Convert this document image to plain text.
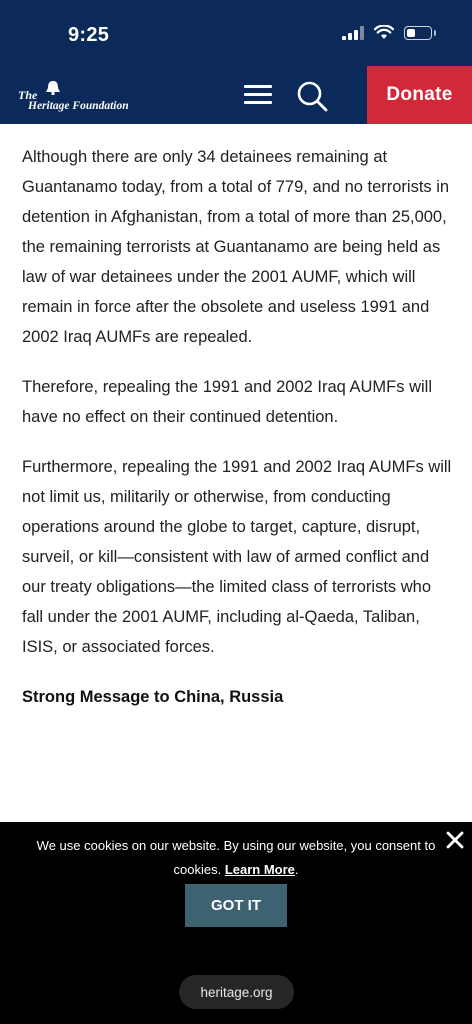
9:25
The
Heritage Foundation
Donate

Although there are only 34 detainees remaining at Guantanamo today, from a total of 779, and no terrorists in detention in Afghanistan, from a total of more than 25,000, the remaining terrorists at Guantanamo are being held as law of war detainees under the 2001 AUMF, which will remain in force after the obsolete and useless 1991 and 2002 Iraq AUMFs are repealed.

Therefore, repealing the 1991 and 2002 Iraq AUMFs will have no effect on their continued detention.

Furthermore, repealing the 1991 and 2002 Iraq AUMFs will not limit us, militarily or otherwise, from conducting operations around the globe to target, capture, disrupt, surveil, or kill—consistent with law of armed conflict and our treaty obligations—the limited class of terrorists who fall under the 2001 AUMF, including al-Qaeda, Taliban, ISIS, or associated forces.

Strong Message to China, Russia
We use cookies on our website. By using our website, you consent to cookies. Learn More.
GOT IT
heritage.org
